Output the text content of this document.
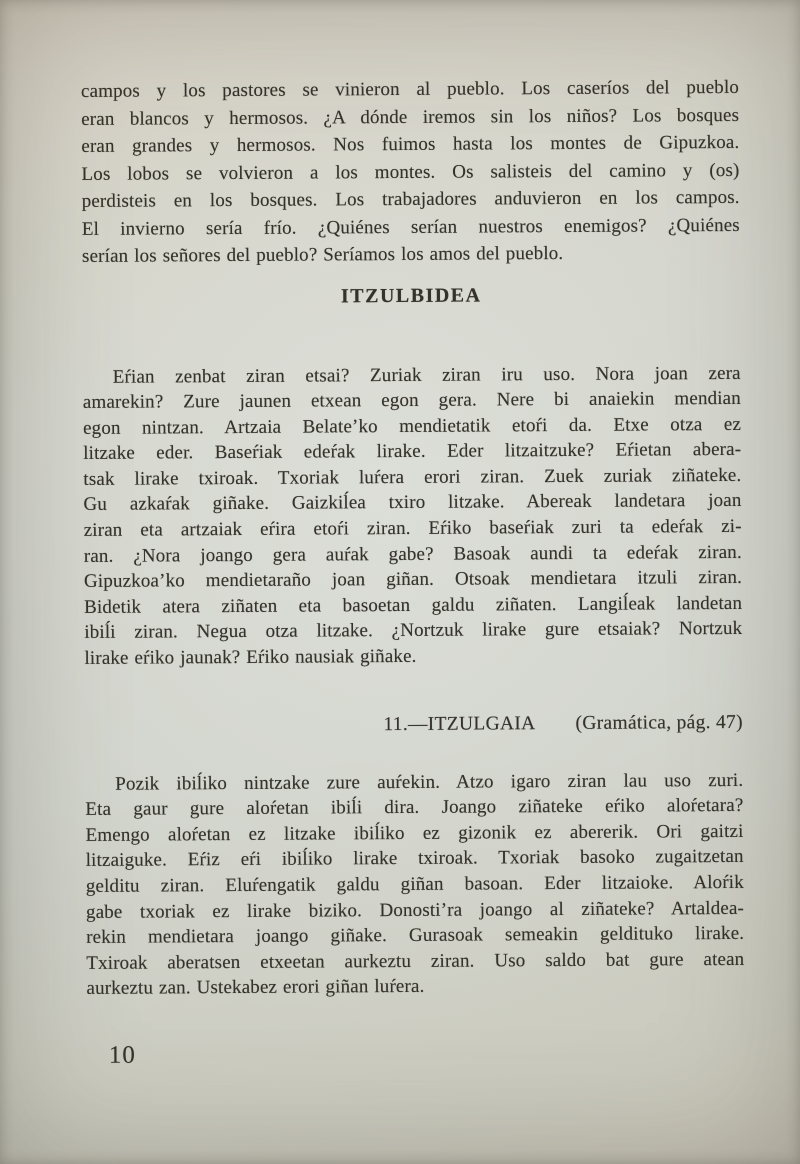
campos y los pastores se vinieron al pueblo. Los caseríos del pueblo
eran blancos y hermosos. ¿A dónde iremos sin los niños? Los bosques
eran grandes y hermosos. Nos fuimos hasta los montes de Gipuzkoa.
Los lobos se volvieron a los montes. Os salisteis del camino y (os)
perdisteis en los bosques. Los trabajadores anduvieron en los campos.
El invierno sería frío. ¿Quiénes serían nuestros enemigos? ¿Quiénes
serían los señores del pueblo? Seríamos los amos del pueblo.
ITZULBIDEA
Eŕian zenbat ziran etsai? Zuriak ziran iru uso. Nora joan zera
amarekin? Zure jaunen etxean egon gera. Nere bi anaiekin mendian
egon nintzan. Artzaia Belate’ko mendietatik etoŕi da. Etxe otza ez
litzake eder. Baseŕiak edeŕak lirake. Eder litzaitzuke? Eŕietan abera-
tsak lirake txiroak. Txoriak luŕera erori ziran. Zuek zuriak ziñateke.
Gu azkaŕak giñake. Gaizkiĺea txiro litzake. Abereak landetara joan
ziran eta artzaiak eŕira etoŕi ziran. Eŕiko baseŕiak zuri ta edeŕak zi-
ran. ¿Nora joango gera auŕak gabe? Basoak aundi ta edeŕak ziran.
Gipuzkoa’ko mendietaraño joan giñan. Otsoak mendietara itzuli ziran.
Bidetik atera ziñaten eta basoetan galdu ziñaten. Langiĺeak landetan
ibiĺi ziran. Negua otza litzake. ¿Nortzuk lirake gure etsaiak? Nortzuk
lirake eŕiko jaunak? Eŕiko nausiak giñake.
11.—ITZULGAIA (Gramática, pág. 47)
Pozik ibiĺiko nintzake zure auŕekin. Atzo igaro ziran lau uso zuri.
Eta gaur gure aloŕetan ibiĺi dira. Joango ziñateke eŕiko aloŕetara?
Emengo aloŕetan ez litzake ibiĺiko ez gizonik ez abererik. Ori gaitzi
litzaiguke. Eŕiz eŕi ibiĺiko lirake txiroak. Txoriak basoko zugaitzetan
gelditu ziran. Eluŕengatik galdu giñan basoan. Eder litzaioke. Aloŕik
gabe txoriak ez lirake biziko. Donosti’ra joango al ziñateke? Artaldea-
rekin mendietara joango giñake. Gurasoak semeakin geldituko lirake.
Txiroak aberatsen etxeetan aurkeztu ziran. Uso saldo bat gure atean
aurkeztu zan. Ustekabez erori giñan luŕera.
10
